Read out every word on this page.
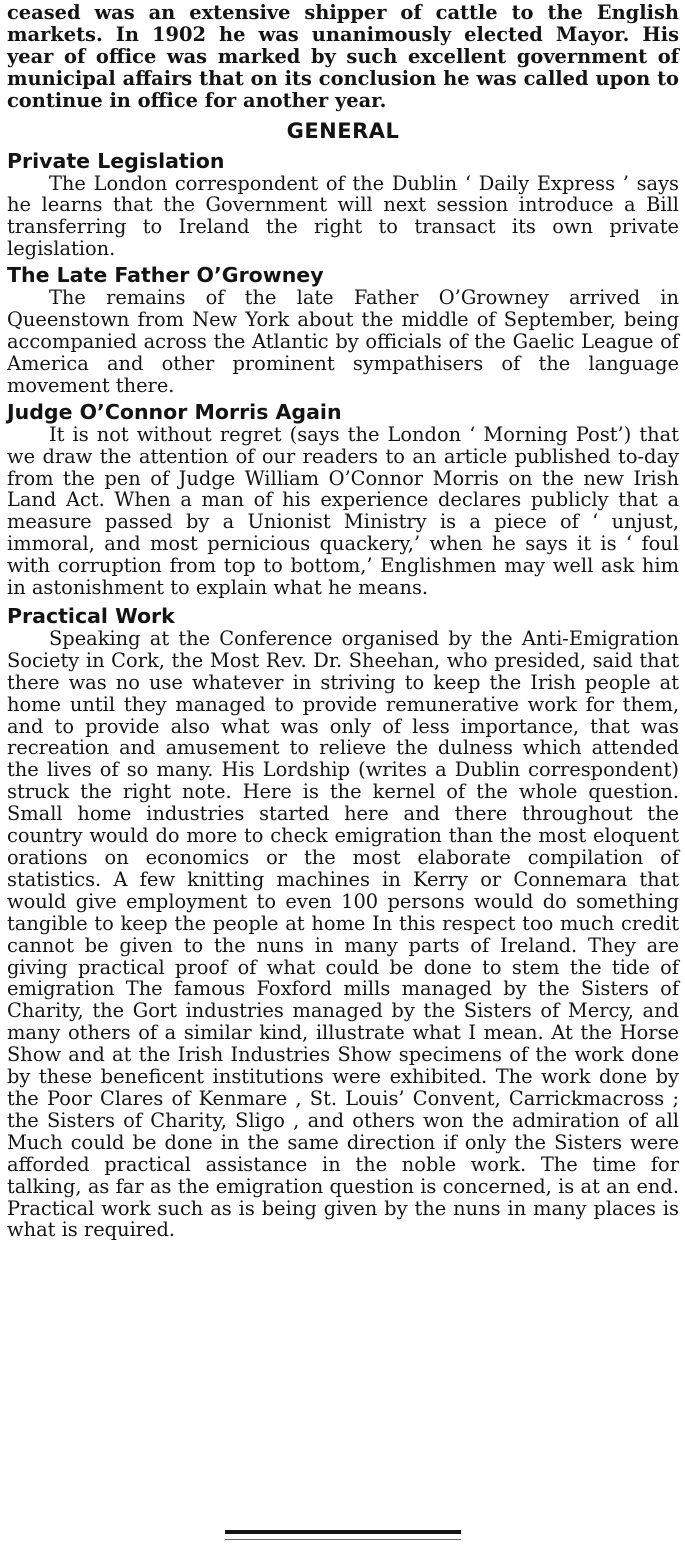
ceased was an extensive shipper of cattle to the English markets. In 1902 he was unanimously elected Mayor. His year of office was marked by such excellent government of municipal affairs that on its conclusion he was called upon to continue in office for another year.

GENERAL
Private Legislation

The London correspondent of the Dublin ‘ Daily Express ’ says he learns that the Government will next session introduce a Bill transferring to Ireland the right to transact its own private legislation.

The Late Father O’Growney

The remains of the late Father O’Growney arrived in Queenstown from New York about the middle of September, being accompanied across the Atlantic by officials of the Gaelic League of America and other prominent sympathisers of the language movement there.

Judge O’Connor Morris Again

It is not without regret (says the London ‘ Morning Post’) that we draw the attention of our readers to an article published to-day from the pen of Judge William O’Connor Morris on the new Irish Land Act. When a man of his experience declares publicly that a measure passed by a Unionist Ministry is a piece of ‘ unjust, immoral, and most pernicious quackery,’ when he says it is ‘ foul with corruption from top to bottom,’ Englishmen may well ask him in astonishment to explain what he means.

Practical Work

Speaking at the Conference organised by the Anti-Emigration Society in Cork, the Most Rev. Dr. Sheehan, who presided, said that there was no use whatever in striving to keep the Irish people at home until they managed to provide remunerative work for them, and to provide also what was only of less importance, that was recreation and amusement to relieve the dulness which attended the lives of so many. His Lordship (writes a Dublin correspondent) struck the right note. Here is the kernel of the whole question. Small home industries started here and there throughout the country would do more to check emigration than the most eloquent orations on economics or the most elaborate compilation of statistics. A few knitting machines in Kerry or Connemara that would give employment to even 100 persons would do something tangible to keep the people at home In this respect too much credit cannot be given to the nuns in many parts of Ireland. They are giving practical proof of what could be done to stem the tide of emigration The famous Foxford mills managed by the Sisters of Charity, the Gort industries managed by the Sisters of Mercy, and many others of a similar kind, illustrate what I mean. At the Horse Show and at the Irish Industries Show specimens of the work done by these beneficent institutions were exhibited. The work done by the Poor Clares of Kenmare , St. Louis’ Convent, Carrickmacross ; the Sisters of Charity, Sligo , and others won the admiration of all Much could be done in the same direction if only the Sisters were afforded practical assistance in the noble work. The time for talking, as far as the emigration question is concerned, is at an end. Practical work such as is being given by the nuns in many places is what is required.
